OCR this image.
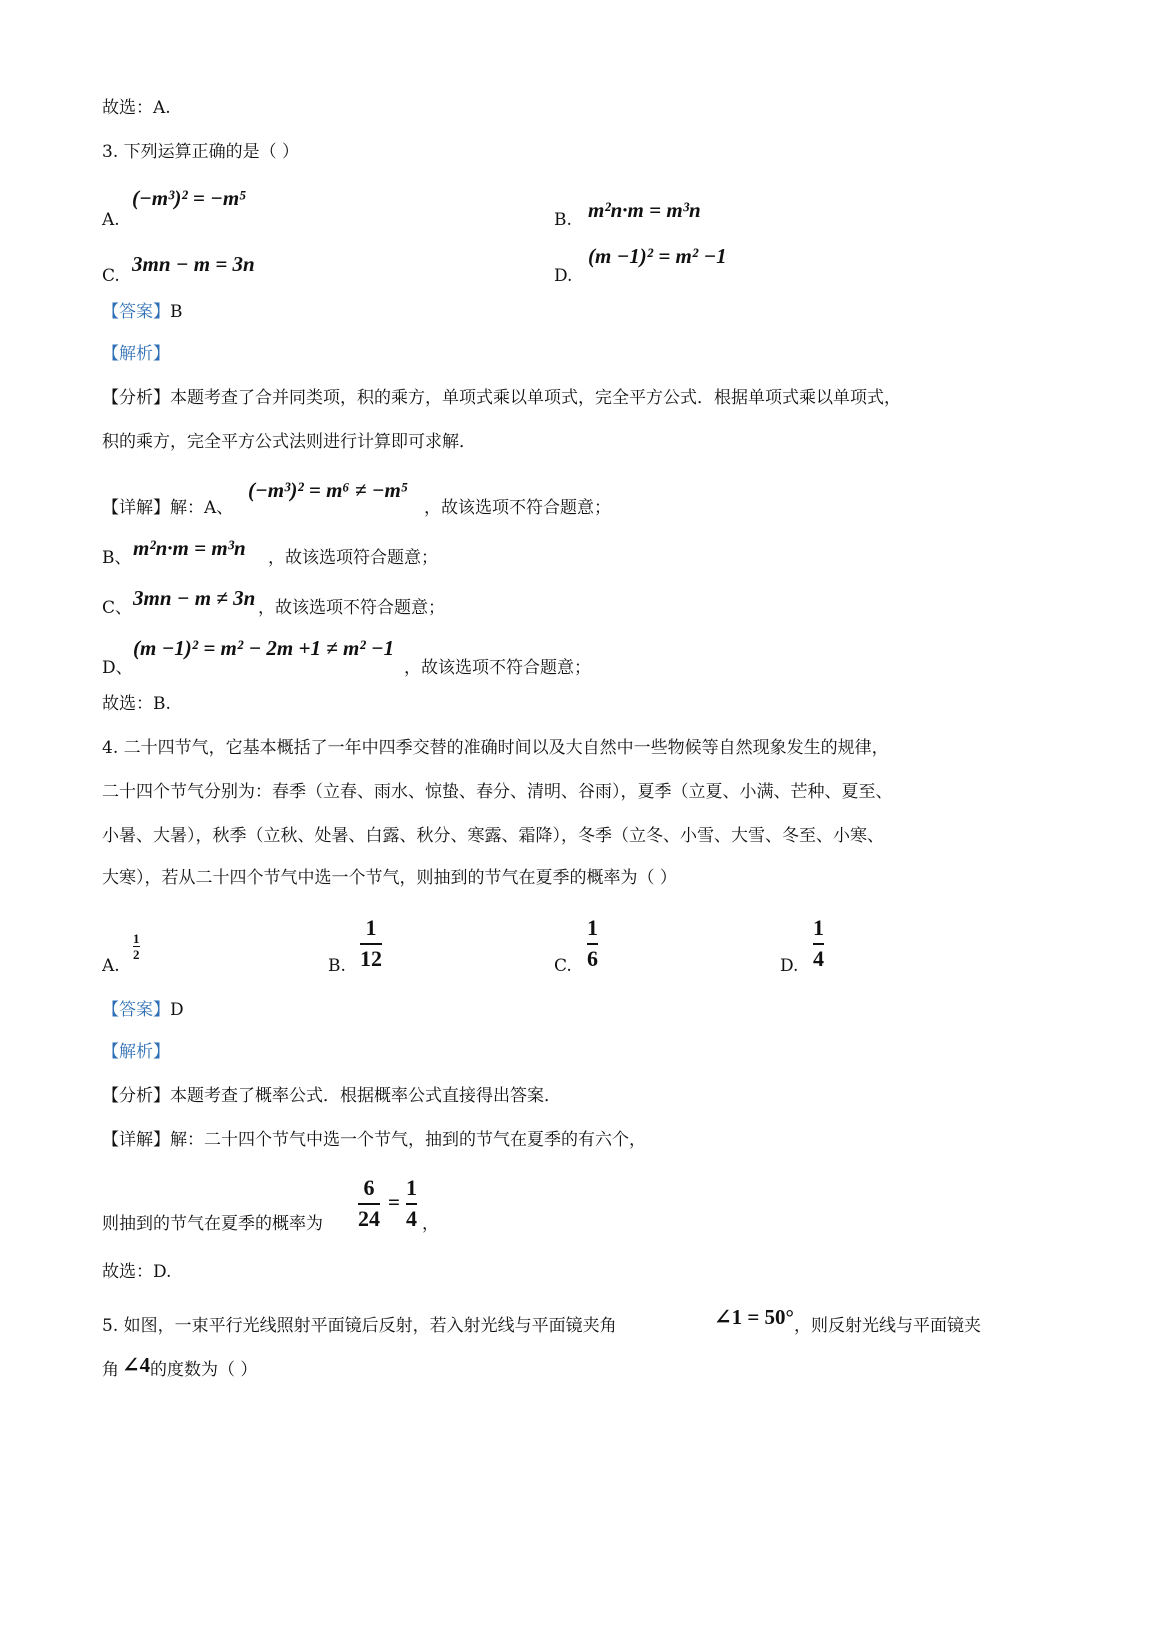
故选：A.
3. 下列运算正确的是（ ）
A.
(−m³)² = −m⁵
B. m²n·m = m³n
C. 3mn − m = 3n	D.
(m −1)² = m² −1
【答案】B
【解析】
【分析】本题考查了合并同类项，积的乘方，单项式乘以单项式，完全平方公式．根据单项式乘以单项式，
积的乘方，完全平方公式法则进行计算即可求解．
【详解】解：A、
(−m³)² = m⁶ ≠ −m⁵
，故该选项不符合题意；
B、 m²n·m = m³n ，故该选项符合题意；
C、 3mn − m ≠ 3n ，故该选项不符合题意；
D、
(m −1)² = m² − 2m +1 ≠ m² −1
，故该选项不符合题意；
故选：B.
4. 二十四节气，它基本概括了一年中四季交替的准确时间以及大自然中一些物候等自然现象发生的规律，
二十四个节气分别为：春季（立春、雨水、惊蛰、春分、清明、谷雨），夏季（立夏、小满、芒种、夏至、
小暑、大暑），秋季（立秋、处暑、白露、秋分、寒露、霜降），冬季（立冬、小雪、大雪、冬至、小寒、
大寒），若从二十四个节气中选一个节气，则抽到的节气在夏季的概率为（ ）
A.
1
2
B.
1
12	C.
1
6	D.
1
4
【答案】D
【解析】
【分析】本题考查了概率公式．根据概率公式直接得出答案．
【详解】解：二十四个节气中选一个节气，抽到的节气在夏季的有六个，
则抽到的节气在夏季的概率为
6
24
=
1
4 ，
故选：D.
5. 如图，一束平行光线照射平面镜后反射，若入射光线与平面镜夹角	∠1 = 50° ，则反射光线与平面镜夹
角 ∠4 的度数为（ ）
